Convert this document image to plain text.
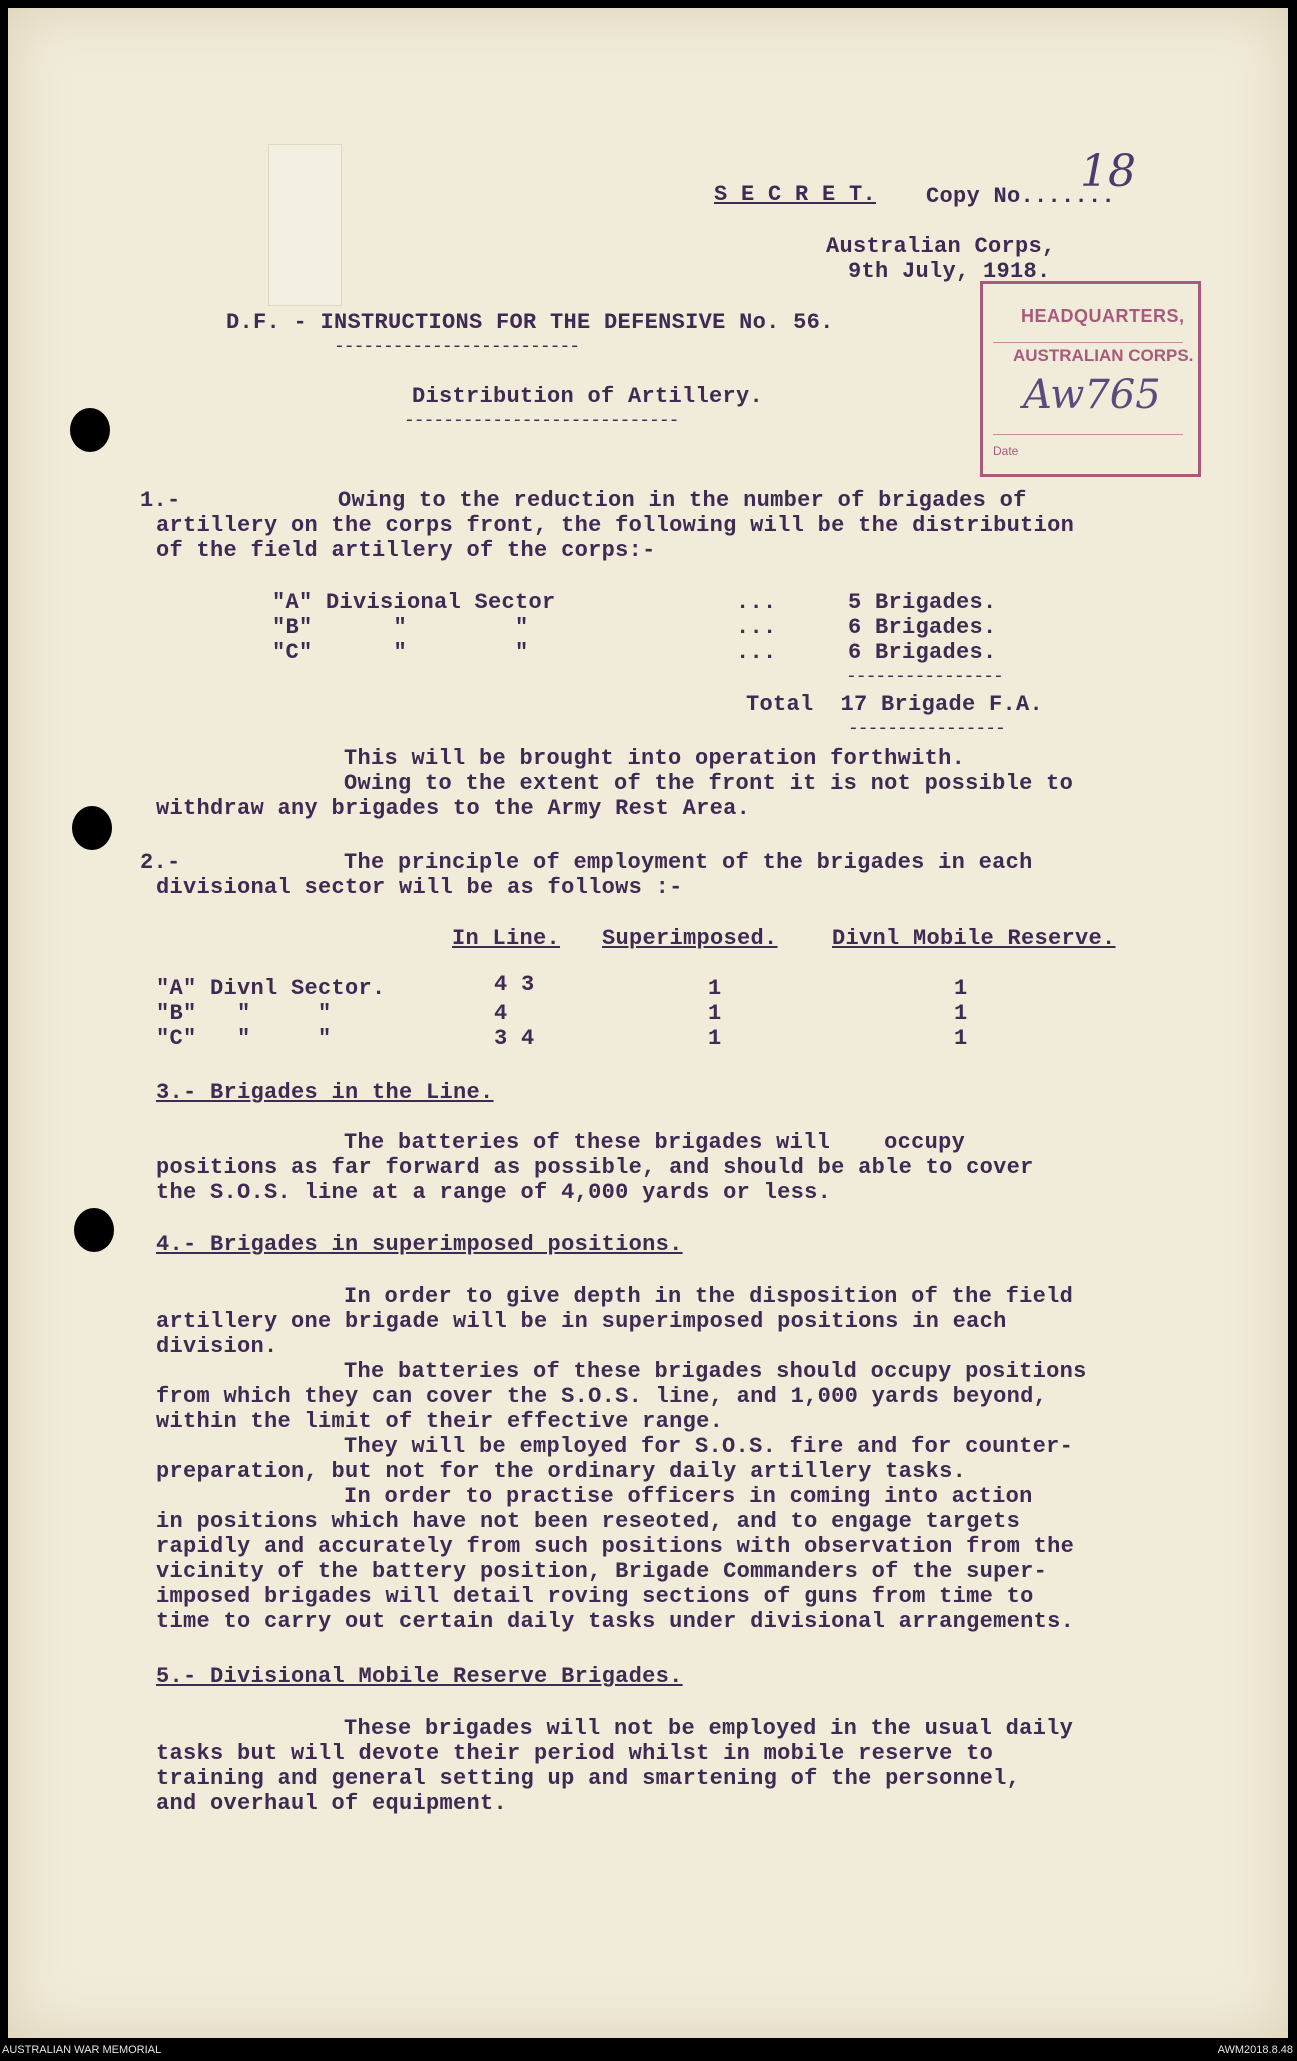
S E C R E T. Copy No.......
18
Australian Corps,
9th July, 1918.
HEADQUARTERS,
AUSTRALIAN CORPS.
Aw765
Date
D.F. - INSTRUCTIONS FOR THE DEFENSIVE No. 56.
-------------------------
Distribution of Artillery.
----------------------------
1.-	Owing to the reduction in the number of brigades of
artillery on the corps front, the following will be the distribution
of the field artillery of the corps:-
"A" Divisional Sector	...	5 Brigades.
"B"      "        "	...	6 Brigades.
"C"      "        "	...	6 Brigades.
----------------
Total  17 Brigade F.A.
----------------
This will be brought into operation forthwith.
Owing to the extent of the front it is not possible to
withdraw any brigades to the Army Rest Area.
2.-	The principle of employment of the brigades in each
divisional sector will be as follows :-
In Line. Superimposed. Divnl Mobile Reserve.
"A" Divnl Sector.	4 3	1	1
"B"   "     "	4	1	1
"C"   "     "	3 4	1	1
3.- Brigades in the Line.
The batteries of these brigades will    occupy
positions as far forward as possible, and should be able to cover
the S.O.S. line at a range of 4,000 yards or less.
4.- Brigades in superimposed positions.
In order to give depth in the disposition of the field
artillery one brigade will be in superimposed positions in each
division.
The batteries of these brigades should occupy positions
from which they can cover the S.O.S. line, and 1,000 yards beyond,
within the limit of their effective range.
They will be employed for S.O.S. fire and for counter-
preparation, but not for the ordinary daily artillery tasks.
In order to practise officers in coming into action
in positions which have not been reseoted, and to engage targets
rapidly and accurately from such positions with observation from the
vicinity of the battery position, Brigade Commanders of the super-
imposed brigades will detail roving sections of guns from time to
time to carry out certain daily tasks under divisional arrangements.
5.- Divisional Mobile Reserve Brigades.
These brigades will not be employed in the usual daily
tasks but will devote their period whilst in mobile reserve to
training and general setting up and smartening of the personnel,
and overhaul of equipment.
AUSTRALIAN WAR MEMORIAL	AWM2018.8.48
